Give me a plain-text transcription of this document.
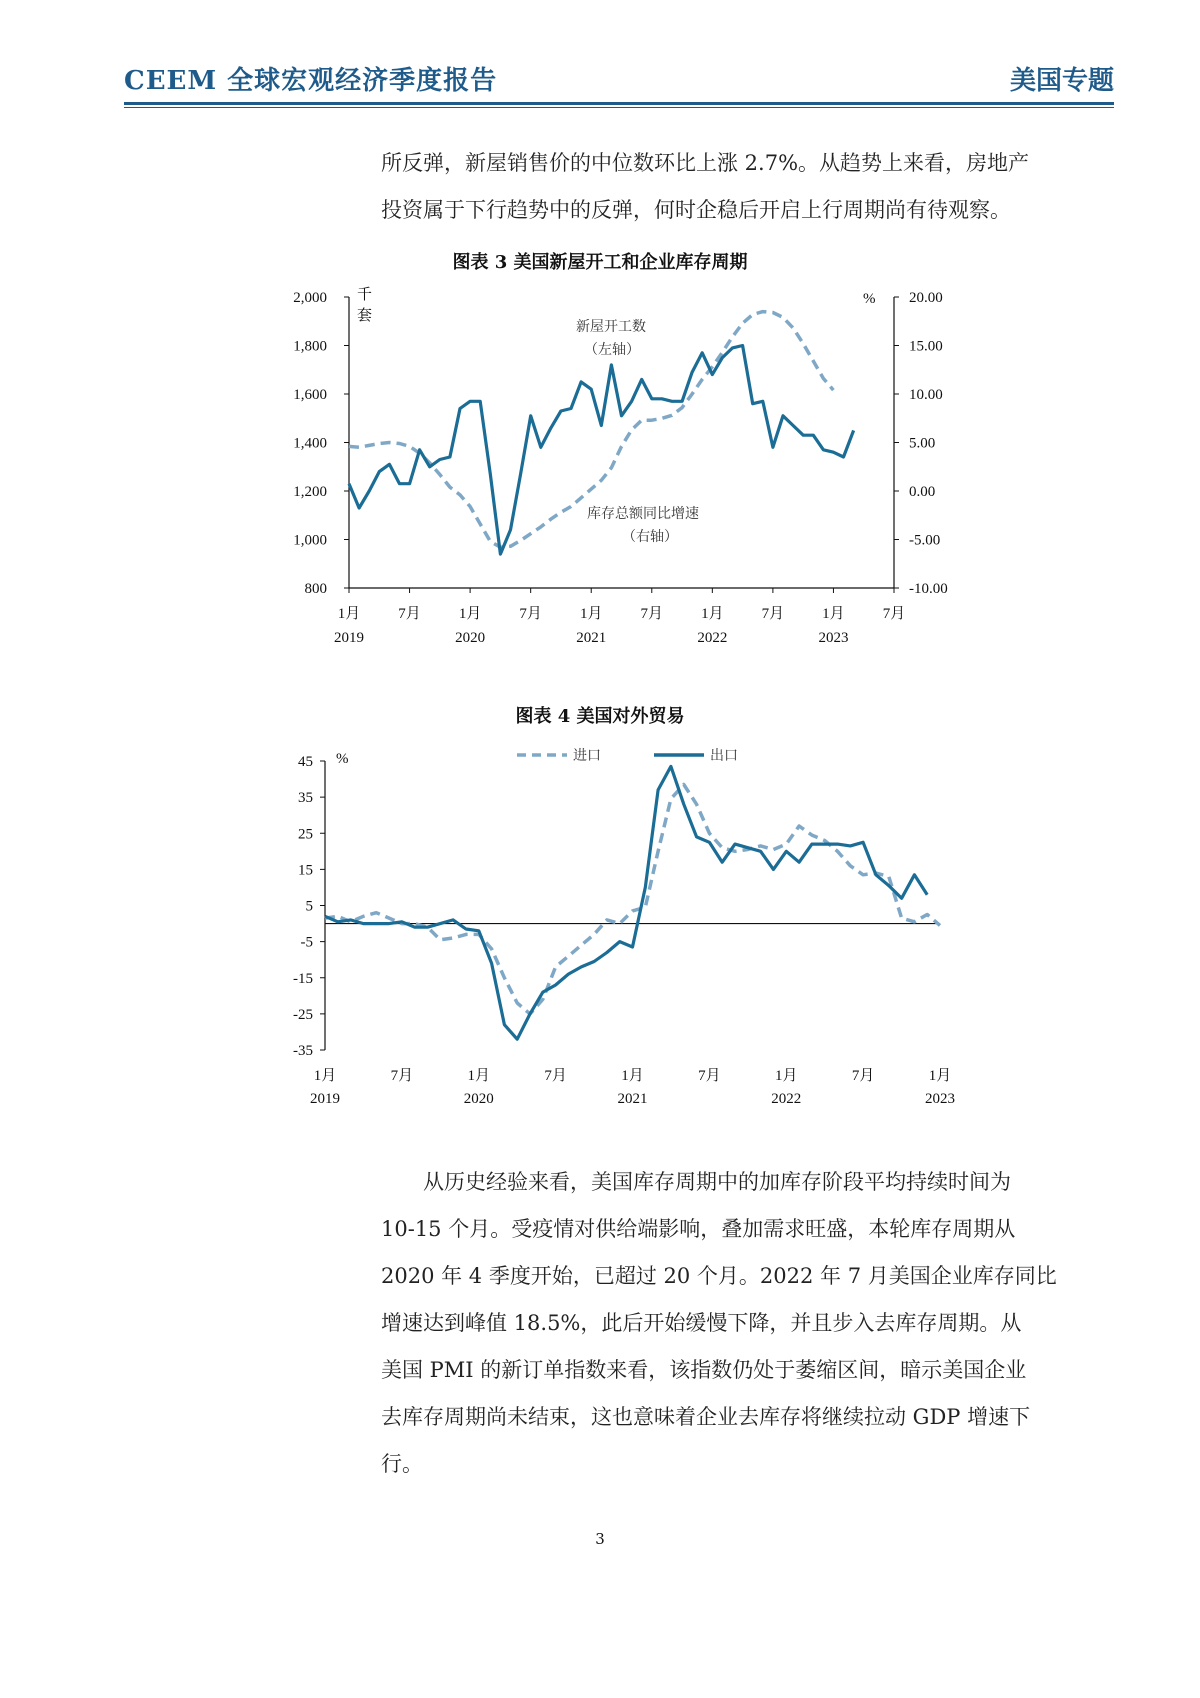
CEEM 全球宏观经济季度报告	美国专题
所反弹，新屋销售价的中位数环比上涨 2.7%。从趋势上来看，房地产
投资属于下行趋势中的反弹，何时企稳后开启上行周期尚有待观察。
图表 3 美国新屋开工和企业库存周期
2,000
1,800
1,600
1,400
1,200
1,000
800
20.00
15.00
10.00
5.00
0.00
-5.00
-10.00
1月
2019
7月	1月
2020
7月	1月
2021
7月	1月
2022
7月	1月
2023
7月
千
套
%
新屋开工数
（左轴）
库存总额同比增速
（右轴）
图表 4 美国对外贸易
45
35
25
15
5
-5
-15
-25
-35
1月
2019
7月	1月
2020
7月	1月
2021
7月	1月
2022
7月	1月
2023
%	进口	出口
　　从历史经验来看，美国库存周期中的加库存阶段平均持续时间为
10-15 个月。受疫情对供给端影响，叠加需求旺盛，本轮库存周期从
2020 年 4 季度开始，已超过 20 个月。2022 年 7 月美国企业库存同比
增速达到峰值 18.5%，此后开始缓慢下降，并且步入去库存周期。从
美国 PMI 的新订单指数来看，该指数仍处于萎缩区间，暗示美国企业
去库存周期尚未结束，这也意味着企业去库存将继续拉动 GDP 增速下
行。
3
